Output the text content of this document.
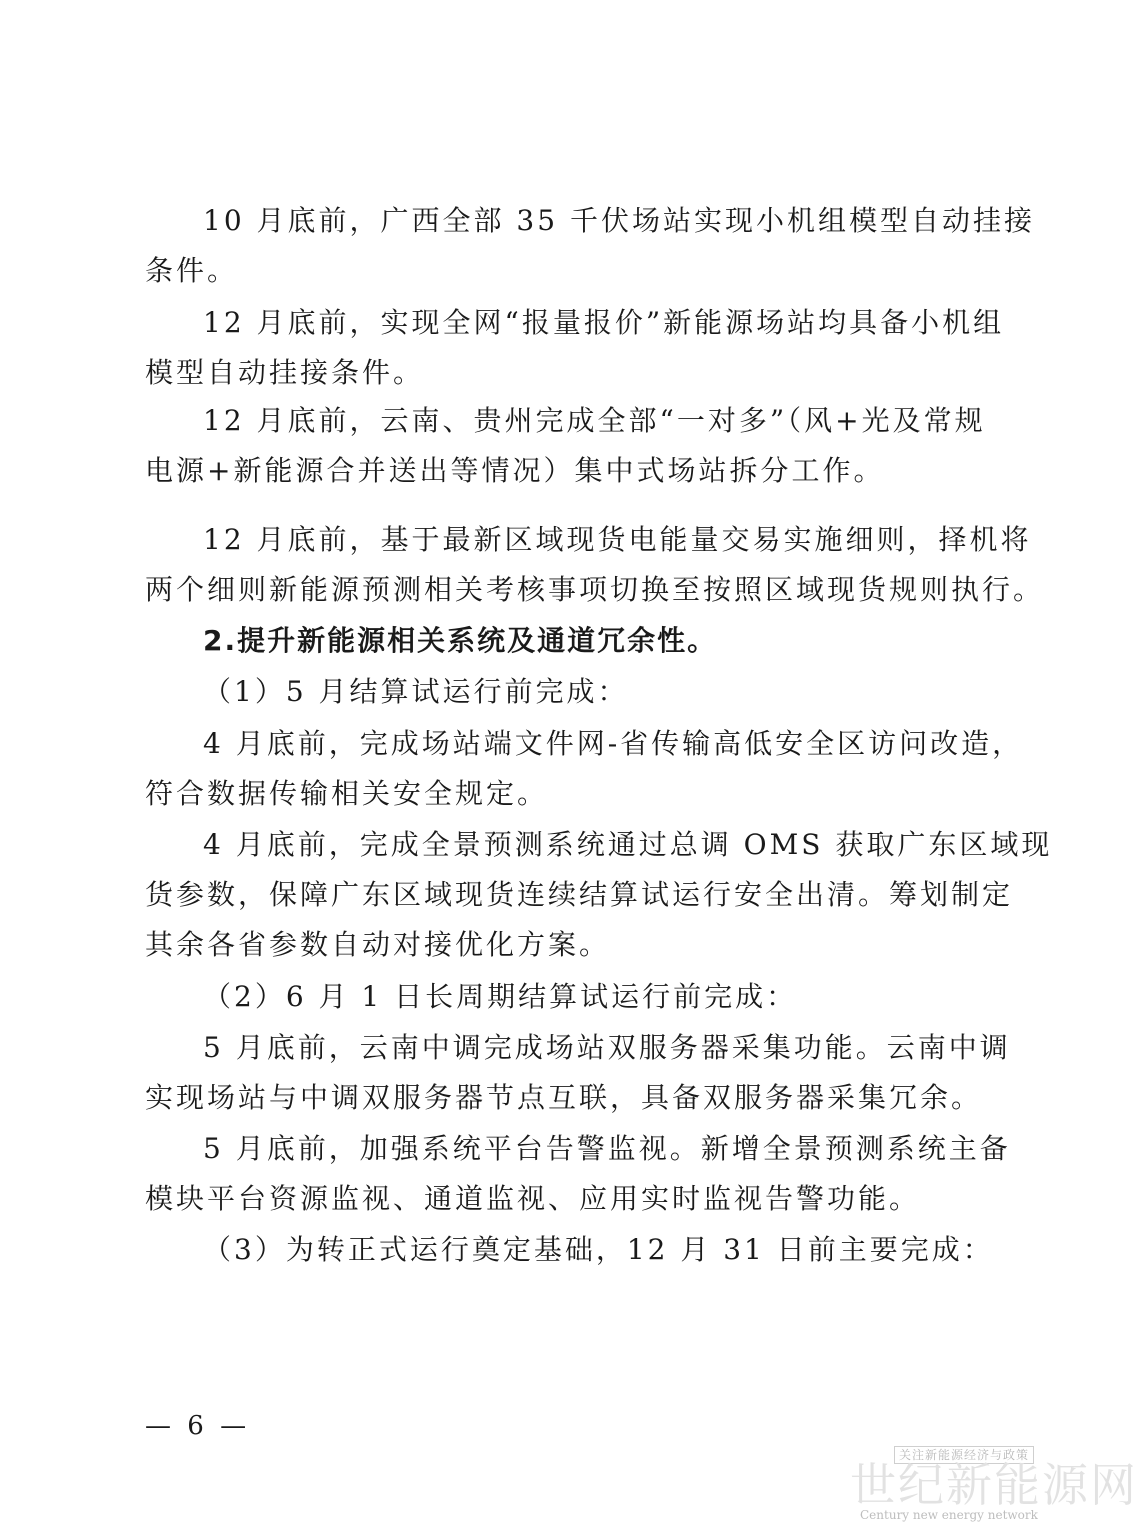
10 月底前，广西全部 35 千伏场站实现小机组模型自动挂接
条件。

12 月底前，实现全网“报量报价”新能源场站均具备小机组
模型自动挂接条件。

12 月底前，云南、贵州完成全部“一对多”（风+光及常规
电源+新能源合并送出等情况）集中式场站拆分工作。

12 月底前，基于最新区域现货电能量交易实施细则，择机将
两个细则新能源预测相关考核事项切换至按照区域现货规则执行。

2.提升新能源相关系统及通道冗余性。

（1）5 月结算试运行前完成：

4 月底前，完成场站端文件网-省传输高低安全区访问改造，
符合数据传输相关安全规定。

4 月底前，完成全景预测系统通过总调 OMS 获取广东区域现
货参数，保障广东区域现货连续结算试运行安全出清。筹划制定
其余各省参数自动对接优化方案。

（2）6 月 1 日长周期结算试运行前完成：

5 月底前，云南中调完成场站双服务器采集功能。云南中调
实现场站与中调双服务器节点互联，具备双服务器采集冗余。

5 月底前，加强系统平台告警监视。新增全景预测系统主备
模块平台资源监视、通道监视、应用实时监视告警功能。

（3）为转正式运行奠定基础，12 月 31 日前主要完成：

— 6 —
关注新能源经济与政策
世纪新能源网
Century new energy network
